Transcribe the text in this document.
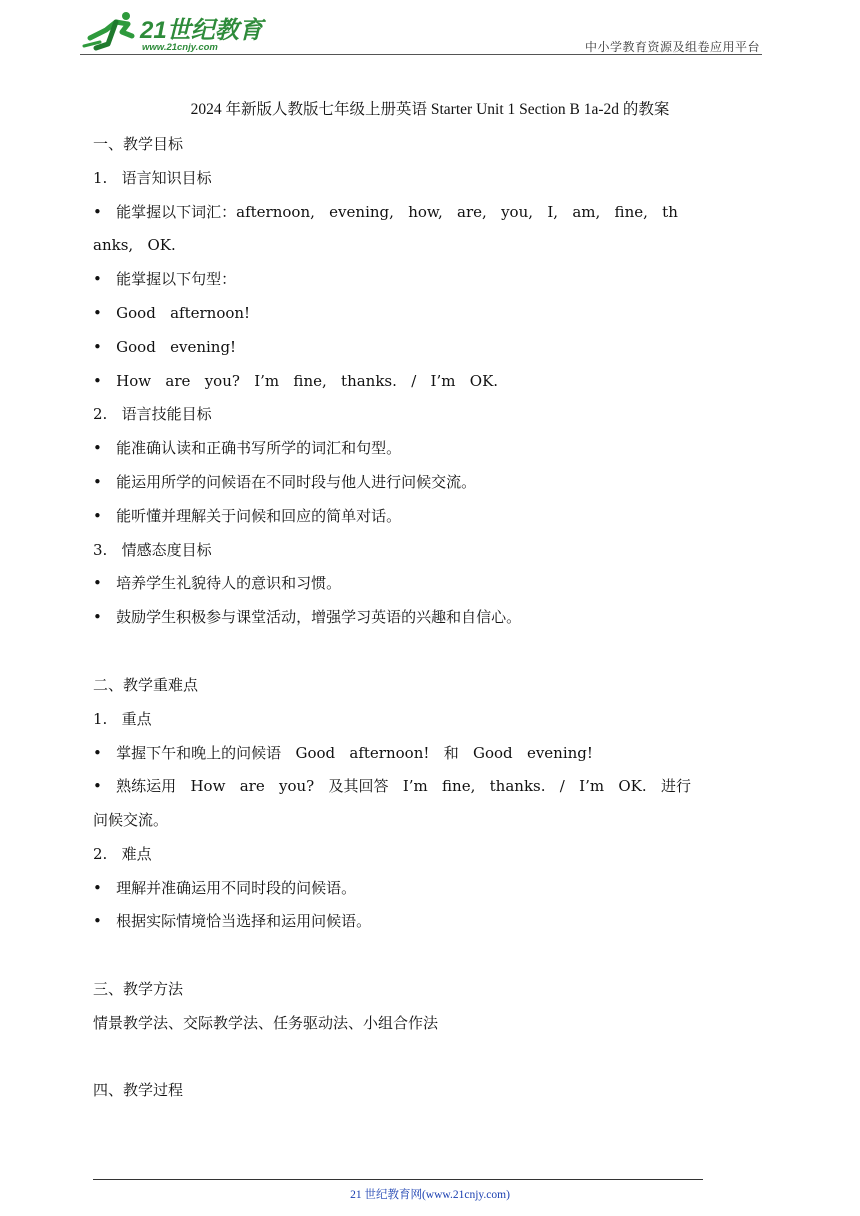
21世纪教育
www.21cnjy.com	中小学教育资源及组卷应用平台
2024 年新版人教版七年级上册英语 Starter Unit 1 Section B 1a-2d 的教案
一、教学目标
1.   语言知识目标
•   能掌握以下词汇：afternoon,   evening,   how,   are,   you,   I,   am,   fine,   th
anks,   OK.
•   能掌握以下句型：
•   Good   afternoon!
•   Good   evening!
•   How   are   you?   I’m   fine,   thanks.   /   I’m   OK.
2.   语言技能目标
•   能准确认读和正确书写所学的词汇和句型。
•   能运用所学的问候语在不同时段与他人进行问候交流。
•   能听懂并理解关于问候和回应的简单对话。
3.   情感态度目标
•   培养学生礼貌待人的意识和习惯。
•   鼓励学生积极参与课堂活动，增强学习英语的兴趣和自信心。
二、教学重难点
1.   重点
•   掌握下午和晚上的问候语   Good   afternoon!   和   Good   evening!
•   熟练运用   How   are   you?   及其回答   I’m   fine,   thanks.   /   I’m   OK.   进行
问候交流。
2.   难点
•   理解并准确运用不同时段的问候语。
•   根据实际情境恰当选择和运用问候语。
三、教学方法
情景教学法、交际教学法、任务驱动法、小组合作法
四、教学过程
21 世纪教育网(www.21cnjy.com)
